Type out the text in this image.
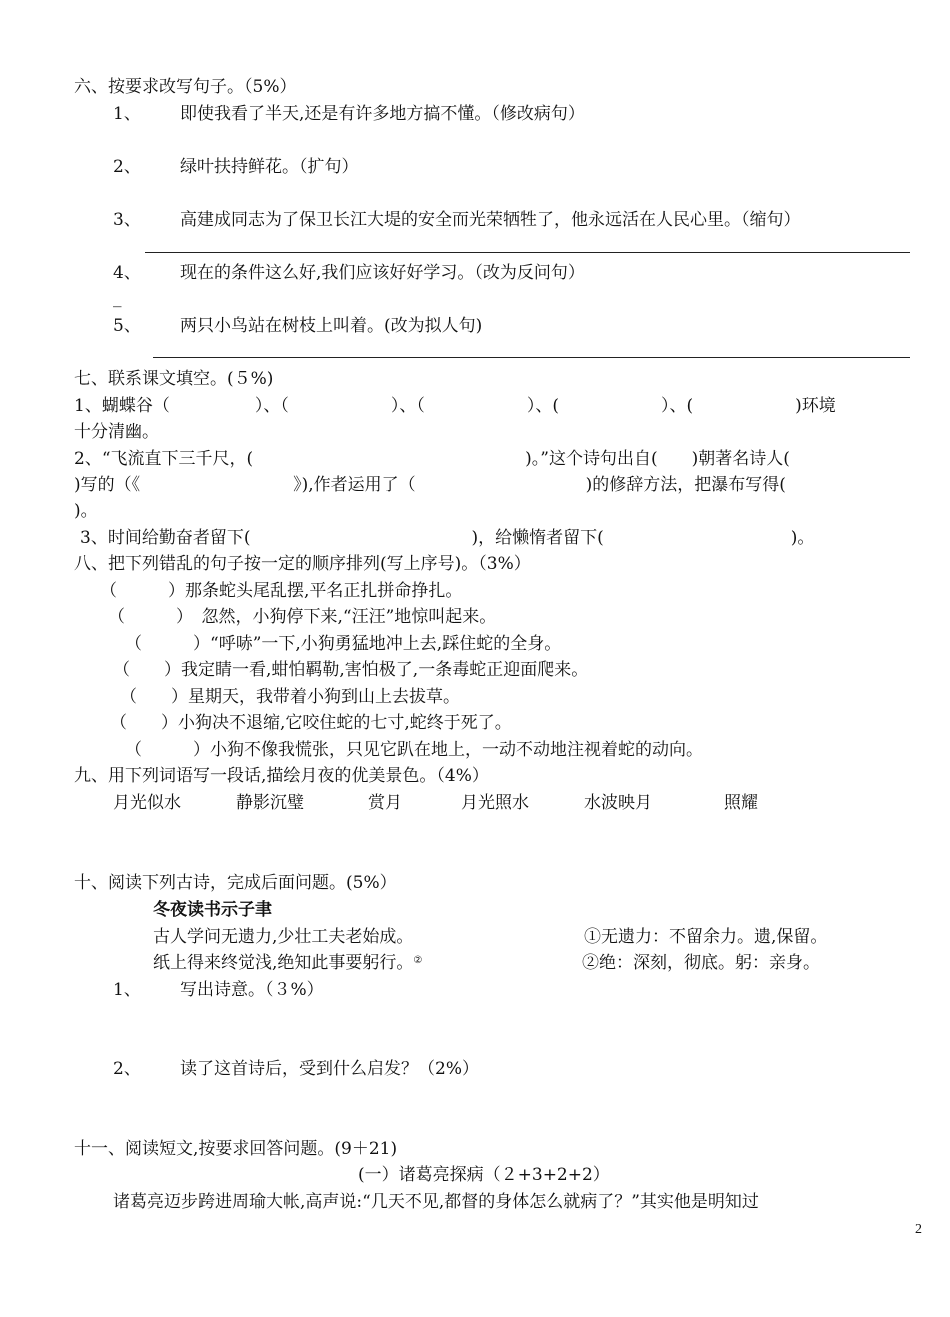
六、按要求改写句子。（5%）
1、 即使我看了半天,还是有许多地方搞不懂。（修改病句）
2、 绿叶扶持鲜花。（扩句）
3、 高建成同志为了保卫长江大堤的安全而光荣牺牲了，他永远活在人民心里。（缩句）
4、 现在的条件这么好,我们应该好好学习。（改为反问句）
_
5、 两只小鸟站在树枝上叫着。(改为拟人句)
七、联系课文填空。(５%)
1、蝴蝶谷（　　　　　）、（　　　　　　）、（　　　　　　）、(　　　　　　）、(　　　　　　)环境
十分清幽。
2、“飞流直下三千尺，(　　　　　　　　　　　　　　　　)。”这个诗句出自(　　)朝著名诗人(
)写的（《　　　　　　　　　》),作者运用了（　　　　　　　　　　)的修辞方法，把瀑布写得(
)。
3、时间给勤奋者留下(　　　　　　　　　　　　　)，给懒惰者留下(　　　　　　　　　　　)。
八、把下列错乱的句子按一定的顺序排列(写上序号)。（3%）
（　　　）那条蛇头尾乱摆,平名正扎拼命挣扎。
（　　　）　忽然，小狗停下来,“汪汪”地惊叫起来。
（　　　）“呼哧”一下,小狗勇猛地冲上去,踩住蛇的全身。
（　　）我定睛一看,蚶怕羁勒,害怕极了,一条毒蛇正迎面爬来。
（　　）星期天，我带着小狗到山上去拔草。
（　　）小狗决不退缩,它咬住蛇的七寸,蛇终于死了。
（　　　）小狗不像我慌张，只见它趴在地上，一动不动地注视着蛇的动向。
九、用下列词语写一段话,描绘月夜的优美景色。（4%）
月光似水	静影沉璧	赏月	月光照水	水波映月	照耀
十、阅读下列古诗，完成后面问题。(5%）
冬夜读书示子聿
古人学问无遗力,少壮工夫老始成。	①无遗力：不留余力。遗,保留。
纸上得来终觉浅,绝知此事要躬行。②	②绝：深刻，彻底。躬：亲身。
1、 写出诗意。（３%）
2、 读了这首诗后，受到什么启发？（2%）
十一、阅读短文,按要求回答问题。(9＋21)
(一）诸葛亮探病（２+3+2+2）
诸葛亮迈步跨进周瑜大帐,高声说:“几天不见,都督的身体怎么就病了？”其实他是明知过
2
